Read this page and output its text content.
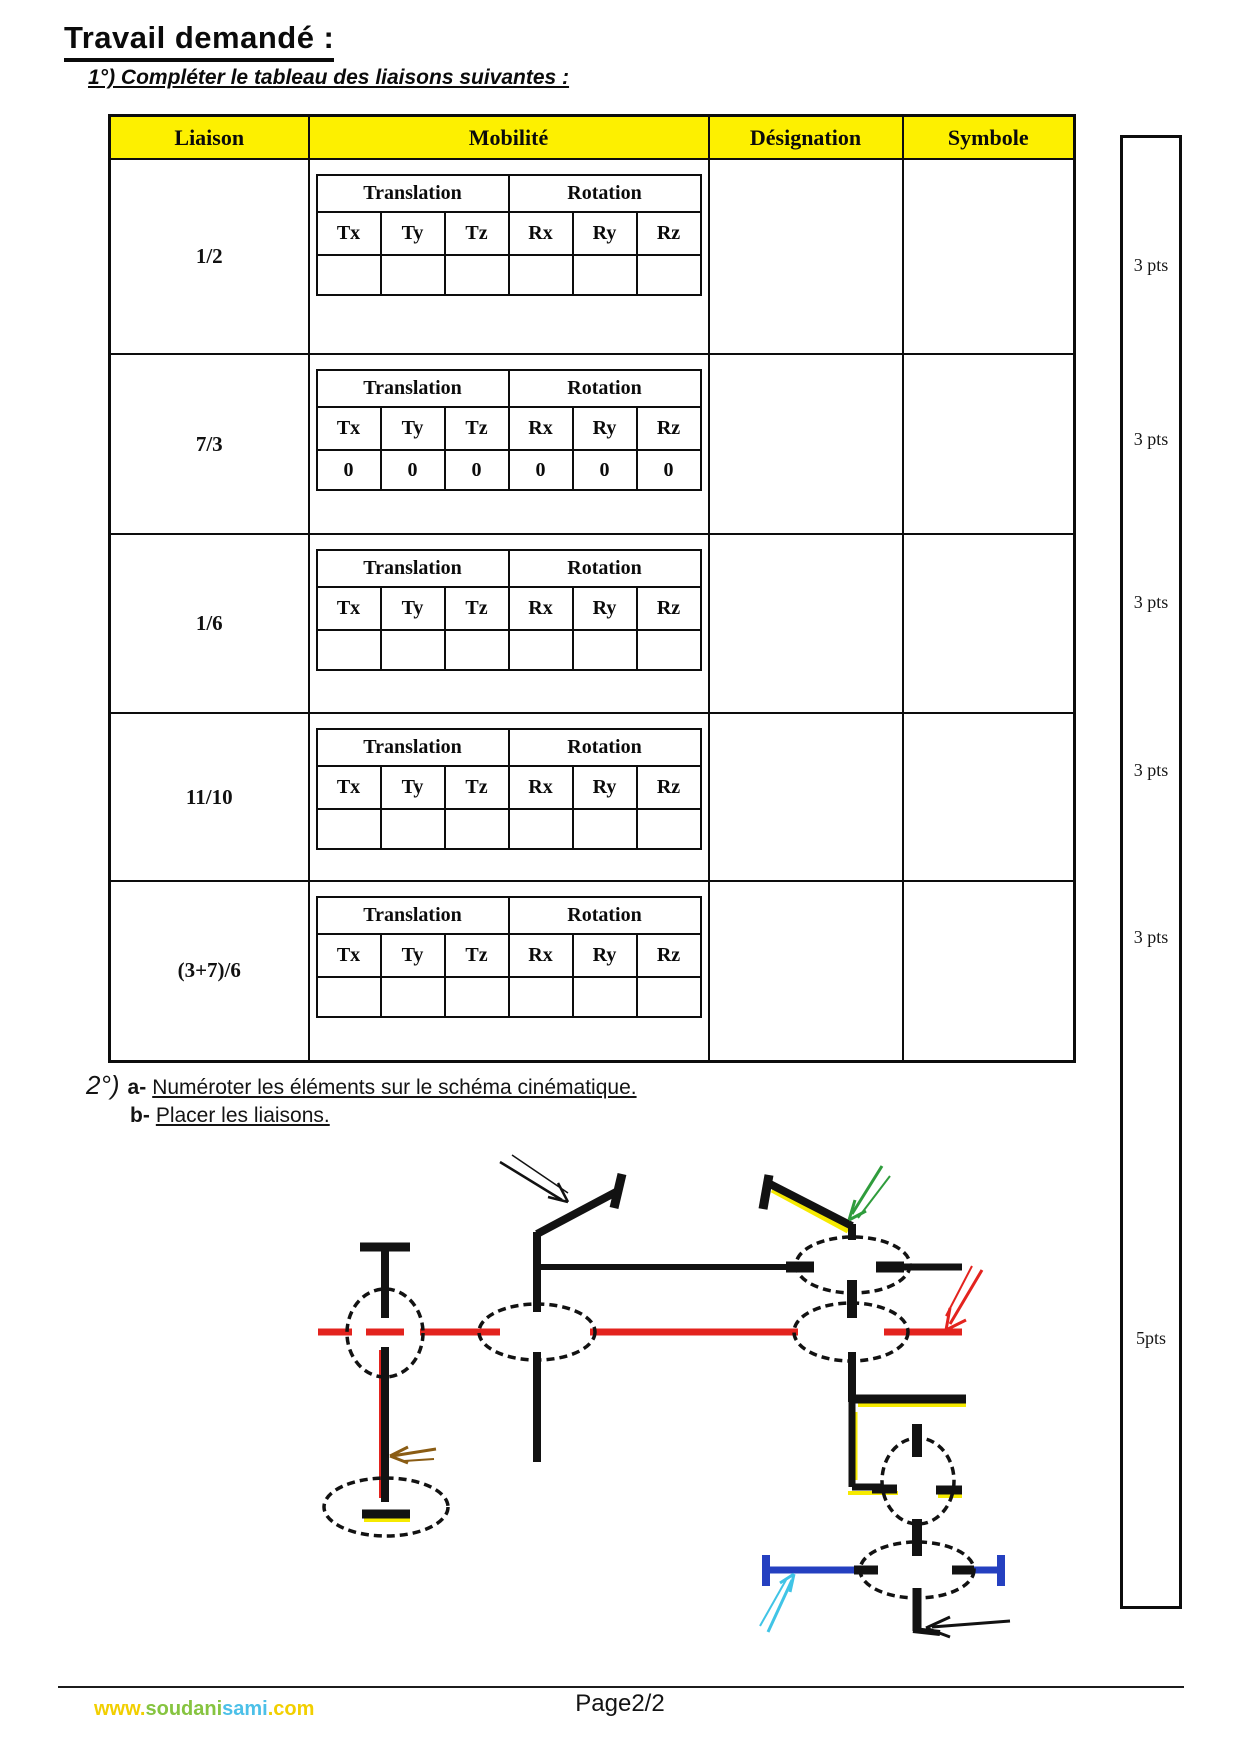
Travail demandé :
1°) Compléter le tableau des liaisons suivantes :
Liaison	Mobilité	Désignation	Symbole
1/2	
Translation	Rotation
Tx	Ty	Tz	Rx	Ry	Rz

7/3	
Translation	Rotation
Tx	Ty	Tz	Rx	Ry	Rz
0	0	0	0	0	0

1/6	
Translation	Rotation
Tx	Ty	Tz	Rx	Ry	Rz

11/10	
Translation	Rotation
Tx	Ty	Tz	Rx	Ry	Rz

(3+7)/6	
Translation	Rotation
Tx	Ty	Tz	Rx	Ry	Rz

3 pts
3 pts
3 pts
3 pts
3 pts
5pts
2°) a- Numéroter les éléments sur le schéma cinématique.
b- Placer les liaisons.
www.soudanisami.com	Page2/2
